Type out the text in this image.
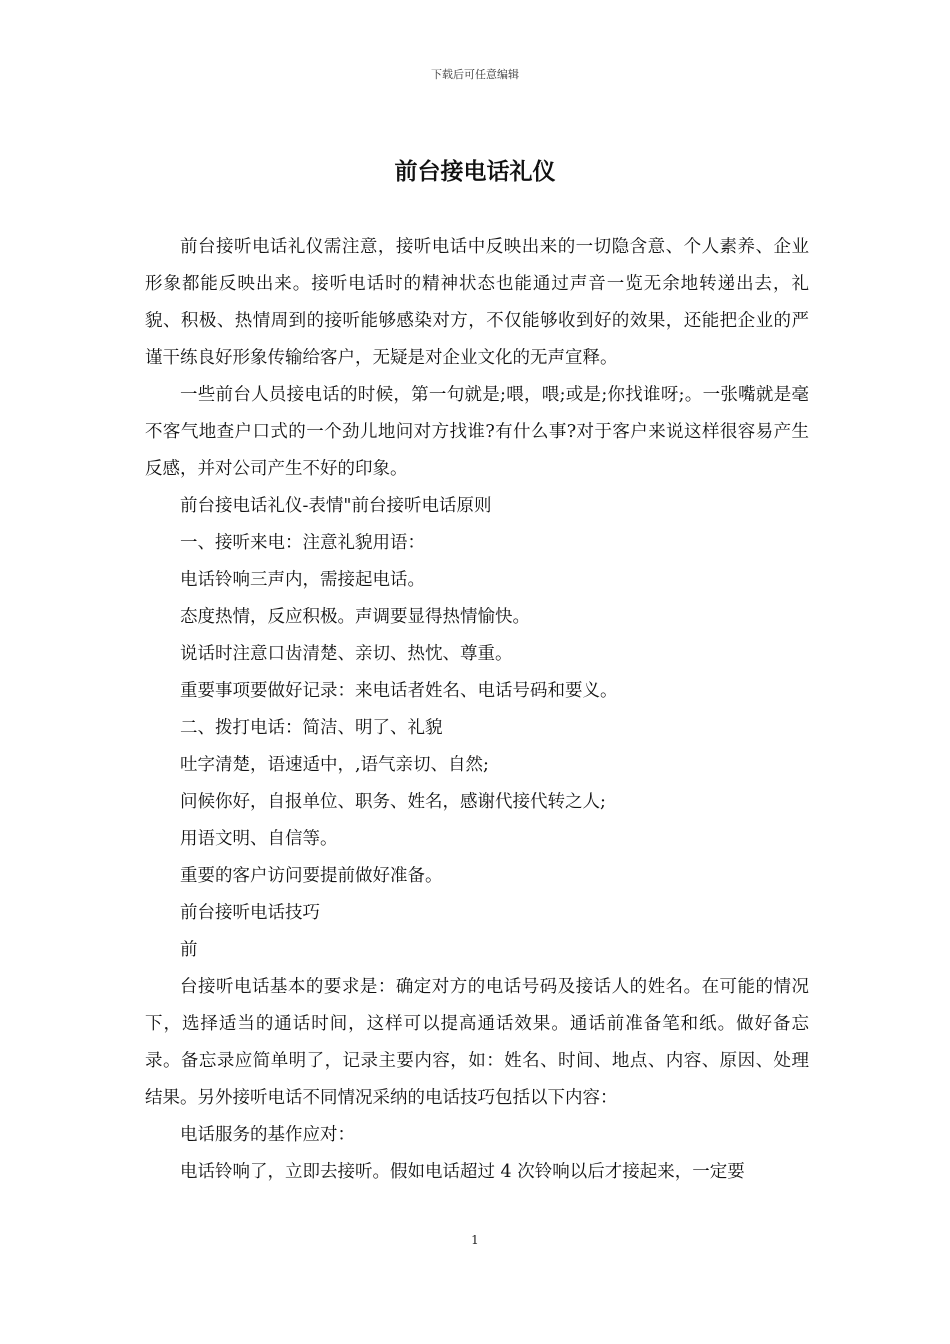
下载后可任意编辑
前台接电话礼仪

前台接听电话礼仪需注意，接听电话中反映出来的一切隐含意、个人素养、企业形象都能反映出来。接听电话时的精神状态也能通过声音一览无余地转递出去，礼貌、积极、热情周到的接听能够感染对方，不仅能够收到好的效果，还能把企业的严谨干练良好形象传输给客户，无疑是对企业文化的无声宣释。

一些前台人员接电话的时候，第一句就是;喂，喂;或是;你找谁呀;。一张嘴就是毫不客气地查户口式的一个劲儿地问对方找谁?有什么事?对于客户来说这样很容易产生反感，并对公司产生不好的印象。

前台接电话礼仪-表情"前台接听电话原则

一、接听来电：注意礼貌用语：

电话铃响三声内，需接起电话。

态度热情，反应积极。声调要显得热情愉快。

说话时注意口齿清楚、亲切、热忱、尊重。

重要事项要做好记录：来电话者姓名、电话号码和要义。

二、拨打电话：简洁、明了、礼貌

吐字清楚，语速适中，,语气亲切、自然;

问候你好，自报单位、职务、姓名，感谢代接代转之人;

用语文明、自信等。

重要的客户访问要提前做好准备。

前台接听电话技巧

前

台接听电话基本的要求是：确定对方的电话号码及接话人的姓名。在可能的情况下，选择适当的通话时间，这样可以提高通话效果。通话前准备笔和纸。做好备忘录。备忘录应简单明了，记录主要内容，如：姓名、时间、地点、内容、原因、处理结果。另外接听电话不同情况采纳的电话技巧包括以下内容：

电话服务的基作应对：

电话铃响了，立即去接听。假如电话超过 4 次铃响以后才接起来，一定要

1
